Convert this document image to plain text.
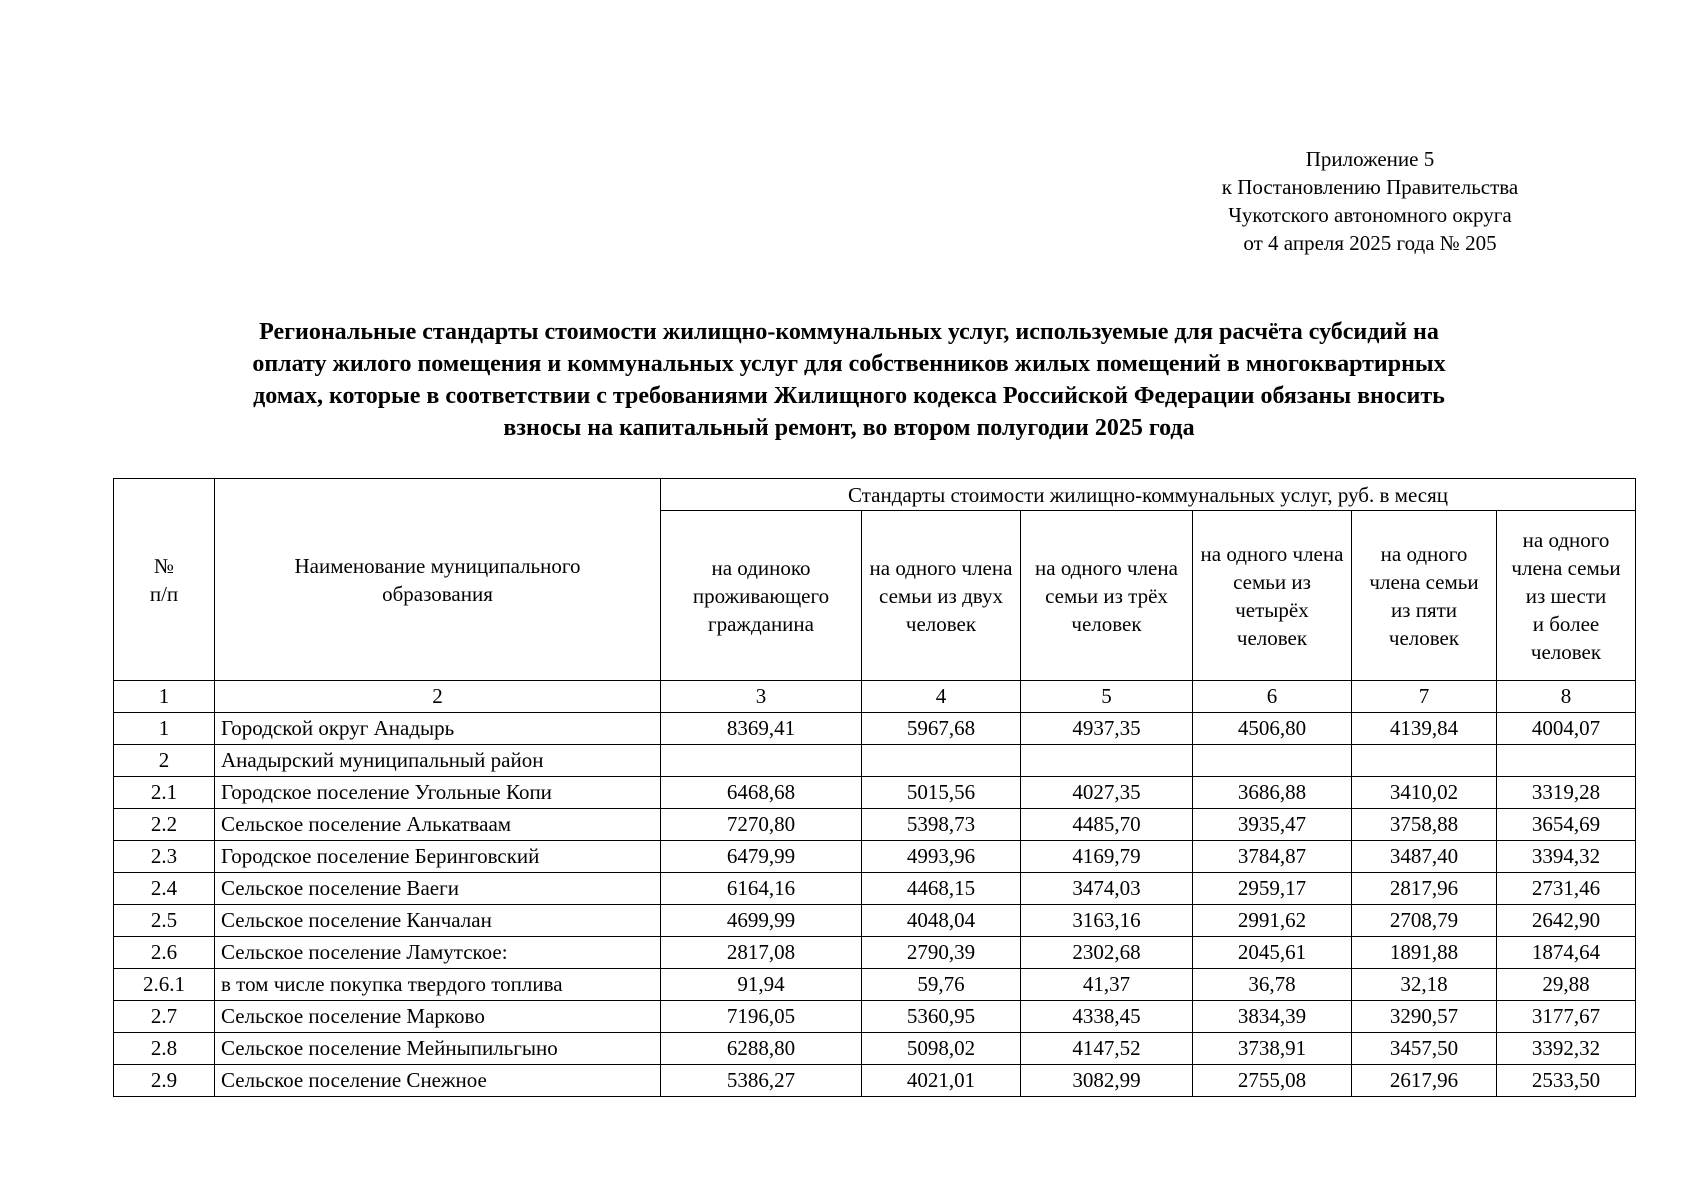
Приложение 5
к Постановлению Правительства
Чукотского автономного округа
от 4 апреля 2025 года № 205
Региональные стандарты стоимости жилищно-коммунальных услуг, используемые для расчёта субсидий на
оплату жилого помещения и коммунальных услуг для собственников жилых помещений в многоквартирных
домах, которые в соответствии с требованиями Жилищного кодекса Российской Федерации обязаны вносить
взносы на капитальный ремонт, во втором полугодии 2025 года
№
п/п	Наименование муниципального образования	Стандарты стоимости жилищно-коммунальных услуг, руб. в месяц					
		на одиноко проживающего гражданина	на одного члена семьи из двух человек	на одного члена семьи из трёх человек	на одного члена семьи из четырёх человек	на одного члена семьи из пяти человек	на одного члена семьи из шести
и более человек

1	2	3	4	5	6	7	8
1	Городской округ Анадырь	8369,41	5967,68	4937,35	4506,80	4139,84	4004,07
2	Анадырский муниципальный район						
2.1	Городское поселение Угольные Копи	6468,68	5015,56	4027,35	3686,88	3410,02	3319,28
2.2	Сельское поселение Алькатваам	7270,80	5398,73	4485,70	3935,47	3758,88	3654,69
2.3	Городское поселение Беринговский	6479,99	4993,96	4169,79	3784,87	3487,40	3394,32
2.4	Сельское поселение Ваеги	6164,16	4468,15	3474,03	2959,17	2817,96	2731,46
2.5	Сельское поселение Канчалан	4699,99	4048,04	3163,16	2991,62	2708,79	2642,90
2.6	Сельское поселение Ламутское:	2817,08	2790,39	2302,68	2045,61	1891,88	1874,64
2.6.1	в том числе покупка твердого топлива	91,94	59,76	41,37	36,78	32,18	29,88
2.7	Сельское поселение Марково	7196,05	5360,95	4338,45	3834,39	3290,57	3177,67
2.8	Сельское поселение Мейныпильгыно	6288,80	5098,02	4147,52	3738,91	3457,50	3392,32
2.9	Сельское поселение Снежное	5386,27	4021,01	3082,99	2755,08	2617,96	2533,50
